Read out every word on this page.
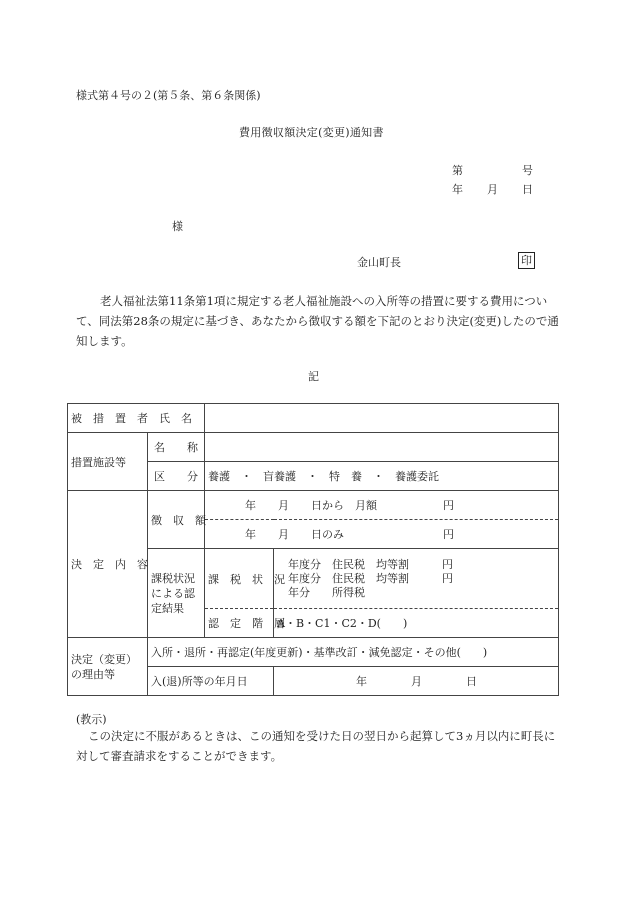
様式第４号の２(第５条、第６条関係)
費用徴収額決定(変更)通知書
第	号
年 月 日
様
金山町長	印
老人福祉法第11条第1項に規定する老人福祉施設への入所等の措置に要する費用について、同法第28条の規定に基づき、あなたから徴収する額を下記のとおり決定(変更)したので通知します。
記
被　措　置　者　氏　名			
措置施設等	名　　称		
	区　　分	養護　・　盲養護　・　特　養　・　養護委託	
決　定　内　容	徴　収　額	年　　月　　日から　月額　　　　　　円	
		年　　月　　日のみ　　　　　　　　　円	
	課税状況による認定結果	課　税　状　況	年度分　住民税　均等割　　　円
年度分　住民税　均等割　　　円
年分　　所得税

		認　定　階　層	A・B・C1・C2・D(　　)
決定（変更）の理由等	入所・退所・再認定(年度更新)・基準改訂・減免認定・その他(　　)		
	入(退)所等の年月日		年　　　　月　　　　日
(教示)
この決定に不服があるときは、この通知を受けた日の翌日から起算して3ヵ月以内に町長に対して審査請求をすることができます。
